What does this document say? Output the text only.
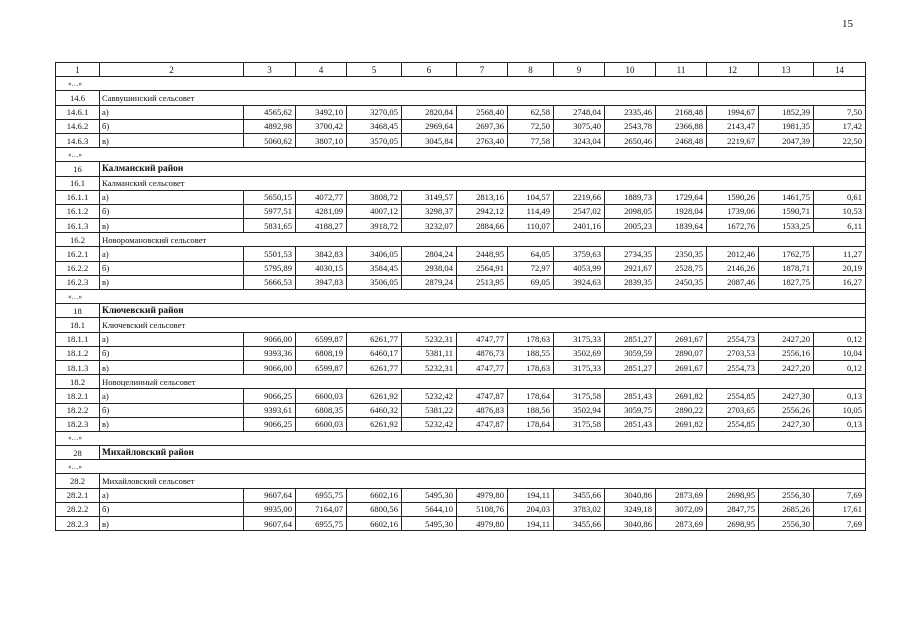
15
1	2	3	4	5	6	7	8	9	10	11	12	13	14
«…»													
14.6	Саввушинский сельсовет												
14.6.1	а)	4565,62	3492,10	3270,05	2820,84	2568,40	62,58	2748,04	2335,46	2168,48	1994,67	1852,39	7,50
14.6.2	б)	4892,98	3700,42	3468,45	2969,64	2697,36	72,50	3075,40	2543,78	2366,88	2143,47	1981,35	17,42
14.6.3	в)	5060,62	3807,10	3570,05	3045,84	2763,40	77,58	3243,04	2650,46	2468,48	2219,67	2047,39	22,50
«…»													
16	Калманский район												
16.1	Калманский сельсовет												
16.1.1	а)	5650,15	4072,77	3808,72	3149,57	2813,16	104,57	2219,66	1889,73	1729,64	1590,26	1461,75	0,61
16.1.2	б)	5977,51	4281,09	4007,12	3298,37	2942,12	114,49	2547,02	2098,05	1928,04	1739,06	1590,71	10,53
16.1.3	в)	5831,65	4188,27	3918,72	3232,07	2884,66	110,07	2401,16	2005,23	1839,64	1672,76	1533,25	6,11
16.2	Новоромановский сельсовет												
16.2.1	а)	5501,53	3842,83	3406,05	2804,24	2448,95	64,05	3759,63	2734,35	2350,35	2012,46	1762,75	11,27
16.2.2	б)	5795,89	4030,15	3584,45	2938,04	2564,91	72,97	4053,99	2921,67	2528,75	2146,26	1878,71	20,19
16.2.3	в)	5666,53	3947,83	3506,05	2879,24	2513,95	69,05	3924,63	2839,35	2450,35	2087,46	1827,75	16,27
«…»													
18	Ключевский район												
18.1	Ключевский сельсовет												
18.1.1	а)	9066,00	6599,87	6261,77	5232,31	4747,77	178,63	3175,33	2851,27	2691,67	2554,73	2427,20	0,12
18.1.2	б)	9393,36	6808,19	6460,17	5381,11	4876,73	188,55	3502,69	3059,59	2890,07	2703,53	2556,16	10,04
18.1.3	в)	9066,00	6599,87	6261,77	5232,31	4747,77	178,63	3175,33	2851,27	2691,67	2554,73	2427,20	0,12
18.2	Новоцелинный сельсовет												
18.2.1	а)	9066,25	6600,03	6261,92	5232,42	4747,87	178,64	3175,58	2851,43	2691,82	2554,85	2427,30	0,13
18.2.2	б)	9393,61	6808,35	6460,32	5381,22	4876,83	188,56	3502,94	3059,75	2890,22	2703,65	2556,26	10,05
18.2.3	в)	9066,25	6600,03	6261,92	5232,42	4747,87	178,64	3175,58	2851,43	2691,82	2554,85	2427,30	0,13
«…»													
28	Михайловский район												
«…»													
28.2	Михайловский сельсовет												
28.2.1	а)	9607,64	6955,75	6602,16	5495,30	4979,80	194,11	3455,66	3040,86	2873,69	2698,95	2556,30	7,69
28.2.2	б)	9935,00	7164,07	6800,56	5644,10	5108,76	204,03	3783,02	3249,18	3072,09	2847,75	2685,26	17,61
28.2.3	в)	9607,64	6955,75	6602,16	5495,30	4979,80	194,11	3455,66	3040,86	2873,69	2698,95	2556,30	7,69
